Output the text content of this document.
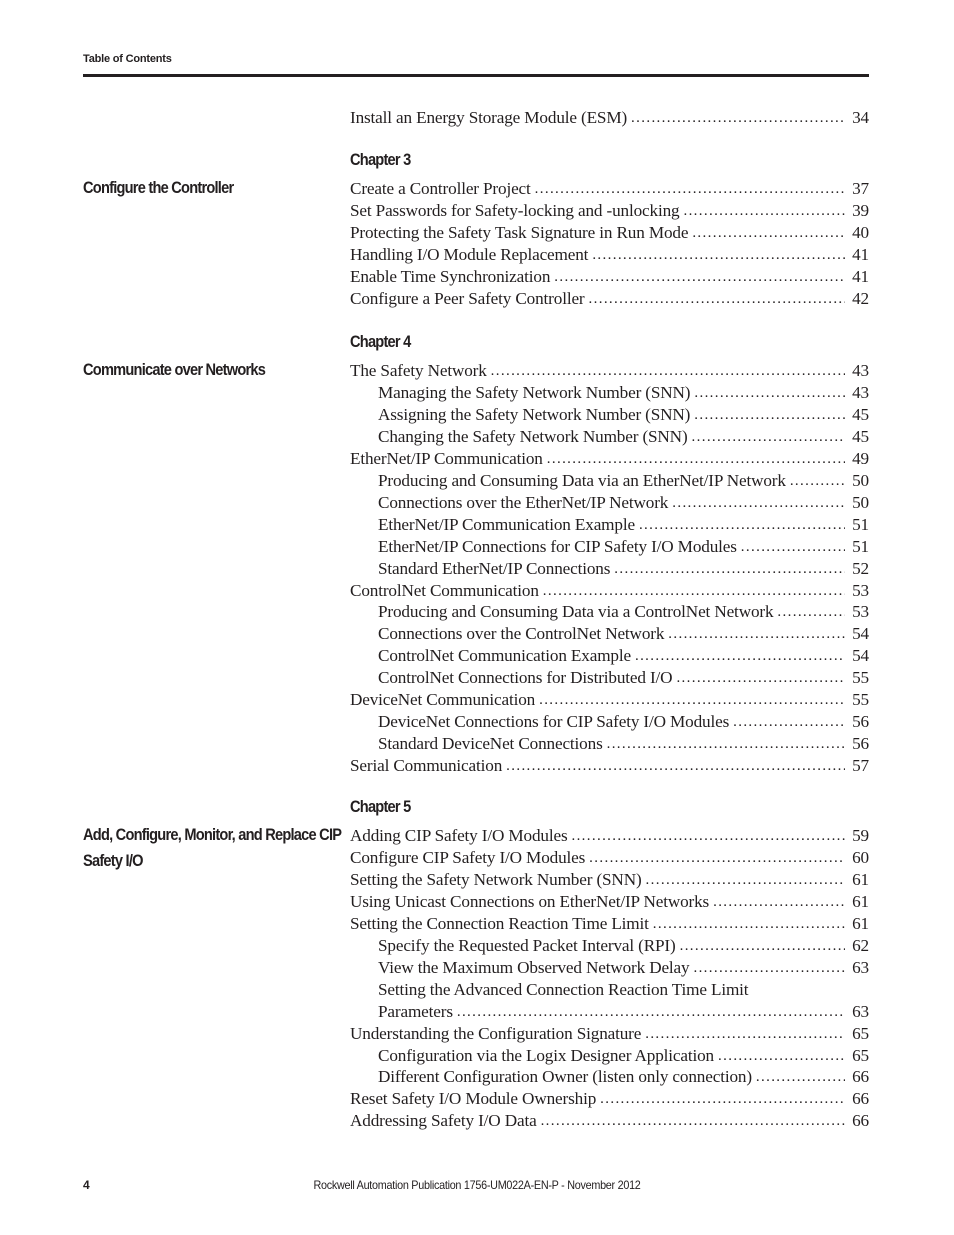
Table of Contents
Install an Energy Storage Module (ESM) . . .	34
Chapter 3
Configure the Controller	Create a Controller Project . . .	37
Set Passwords for Safety-locking and -unlocking . . .	39
Protecting the Safety Task Signature in Run Mode . . .	40
Handling I/O Module Replacement . . .	41
Enable Time Synchronization . . .	41
Configure a Peer Safety Controller . . .	42
Chapter 4
Communicate over Networks	The Safety Network . . .	43
Managing the Safety Network Number (SNN) . . .	43
Assigning the Safety Network Number (SNN) . . .	45
Changing the Safety Network Number (SNN) . . .	45
EtherNet/IP Communication . . .	49
Producing and Consuming Data via an EtherNet/IP Network . . .	50
Connections over the EtherNet/IP Network . . .	50
EtherNet/IP Communication Example . . .	51
EtherNet/IP Connections for CIP Safety I/O Modules . . .	51
Standard EtherNet/IP Connections . . .	52
ControlNet Communication . . .	53
Producing and Consuming Data via a ControlNet Network . . .	53
Connections over the ControlNet Network . . .	54
ControlNet Communication Example . . .	54
ControlNet Connections for Distributed I/O . . .	55
DeviceNet Communication . . .	55
DeviceNet Connections for CIP Safety I/O Modules . . .	56
Standard DeviceNet Connections . . .	56
Serial Communication . . .	57
Chapter 5
Add, Configure, Monitor, and Replace CIP Safety I/O
Adding CIP Safety I/O Modules . . .	59
Configure CIP Safety I/O Modules . . .	60
Setting the Safety Network Number (SNN) . . .	61
Using Unicast Connections on EtherNet/IP Networks . . .	61
Setting the Connection Reaction Time Limit . . .	61
Specify the Requested Packet Interval (RPI) . . .	62
View the Maximum Observed Network Delay . . .	63
Setting the Advanced Connection Reaction Time Limit
Parameters . . .	63
Understanding the Configuration Signature . . .	65
Configuration via the Logix Designer Application . . .	65
Different Configuration Owner (listen only connection) . . .	66
Reset Safety I/O Module Ownership . . .	66
Addressing Safety I/O Data . . .	66
4	Rockwell Automation Publication 1756-UM022A-EN-P - November 2012
